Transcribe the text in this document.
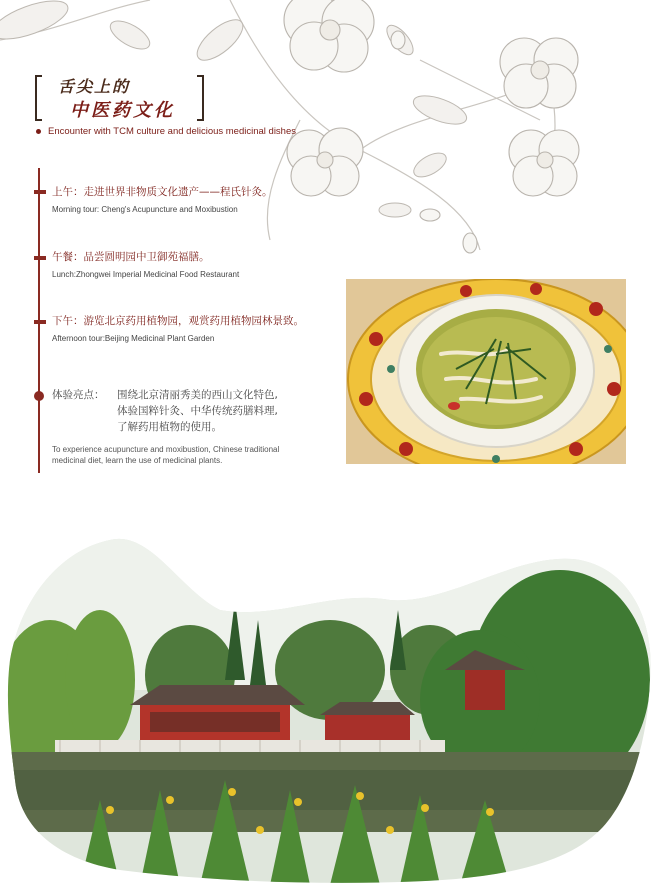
舌尖上的
中医药文化
Encounter with TCM culture and delicious medicinal dishes
上午：走进世界非物质文化遗产——程氏针灸。
Morning tour: Cheng's Acupuncture and Moxibustion
午餐：品尝圆明园中卫御苑福膳。
Lunch:Zhongwei Imperial Medicinal Food Restaurant
下午：游览北京药用植物园，观赏药用植物园林景致。
Afternoon tour:Beijing Medicinal Plant Garden
体验亮点： 围绕北京清丽秀美的西山文化特色,
体验国粹针灸、中华传统药膳料理,
了解药用植物的使用。
To experience acupuncture and moxibustion, Chinese traditional medicinal diet, learn the use of medicinal plants.
